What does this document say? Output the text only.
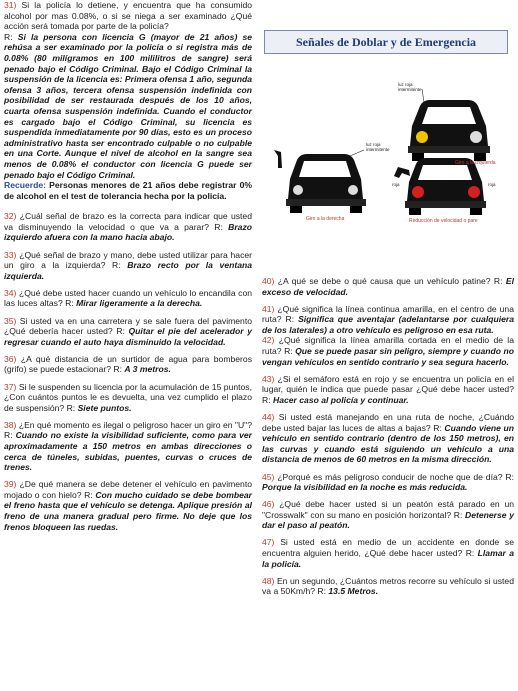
31) Si la policía lo detiene, y encuentra que ha consumido alcohol por mas 0.08%, o si se niega a ser examinado ¿Qué acción será tomada por parte de la policía?
R: Si la persona con licencia G (mayor de 21 años) se rehúsa a ser examinado por la policía o si registra más de 0.08% (80 milígramos en 100 mililitros de sangre) será penado bajo el Código Criminal. Bajo el Código Criminal la suspensión de la licencia es: Primera ofensa 1 año, segunda ofensa 3 años, tercera ofensa suspensión indefinida con posibilidad de ser restaurada después de los 10 años, cuarta ofensa suspensión indefinida. Cuando el conductor es cargado bajo el Código Criminal, su licencia es suspendida inmediatamente por 90 días, esto es un proceso administrativo hasta ser encontrado culpable o no culpable en una Corte. Aunque el nivel de alcohol en la sangre sea menos de 0.08% el conductor con licencia G puede ser penado bajo el Código Criminal.
Recuerde: Personas menores de 21 años debe registrar 0% de alcohol en el test de tolerancia hecha por la policía.

32) ¿Cuál señal de brazo es la correcta para indicar que usted va disminuyendo la velocidad o que va a parar? R: Brazo izquierdo afuera con la mano hacia abajo.

33) ¿Qué señal de brazo y mano, debe usted utilizar para hacer un giro a la izquierda? R: Brazo recto por la ventana izquierda.

34) ¿Qué debe usted hacer cuando un vehículo lo encandila con las luces altas? R: Mirar ligeramente a la derecha.

35) Si usted va en una carretera y se sale fuera del pavimento ¿Qué debería hacer usted? R: Quitar el pie del acelerador y regresar cuando el auto haya disminuido la velocidad.

36) ¿A qué distancia de un surtidor de agua para bomberos (grifo) se puede estacionar? R: A 3 metros.

37) Si le suspenden su licencia por la acumulación de 15 puntos, ¿Con cuántos puntos le es devuelta, una vez cumplido el plazo de suspensión? R: Siete puntos.

38) ¿En qué momento es ilegal o peligroso hacer un giro en "U"? R: Cuando no existe la visibilidad suficiente, como para ver aproximadamente a 150 metros en ambas direcciones o cerca de túneles, subidas, puentes, curvas o cruces de trenes.

39) ¿De qué manera se debe detener el vehículo en pavimento mojado o con hielo? R: Con mucho cuidado se debe bombear el freno hasta que el vehículo se detenga. Aplique presión al freno de una manera gradual pero firme. No deje que los frenos bloqueen las ruedas.

Señales de Doblar y de Emergencia
luz roja intermitente
Giro a la izquierda
luz roja intermitente
Giro a la derecha
roja	roja
Reducción de velocidad o pare

40) ¿A qué se debe o qué causa que un vehículo patine? R: El exceso de velocidad.

41) ¿Qué significa la línea continua amarilla, en el centro de una ruta? R: Significa que aventajar (adelantarse por cualquiera de los laterales) a otro vehículo es peligroso en esa ruta.

42) ¿Qué significa la línea amarilla cortada en el medio de la ruta? R: Que se puede pasar sin peligro, siempre y cuando no vengan vehículos en sentido contrario y sea segura hacerlo.

43) ¿Si el semáforo está en rojo y se encuentra un policía en el lugar, quién le indica que puede pasar ¿Qué debe hacer usted? R: Hacer caso al policía y continuar.

44) Si usted está manejando en una ruta de noche, ¿Cuándo debe usted bajar las luces de altas a bajas? R: Cuando viene un vehículo en sentido contrario (dentro de los 150 metros), en las curvas y cuando está siguiendo un vehículo a una distancia de menos de 60 metros en la misma dirección.

45) ¿Porqué es más peligroso conducir de noche que de día? R: Porque la visibilidad en la noche es más reducida.

46) ¿Qué debe hacer usted si un peatón está parado en un "Crosswalk" con su mano en posición horizontal? R: Detenerse y dar el paso al peatón.

47) Si usted está en medio de un accidente en donde se encuentra alguien herido, ¿Qué debe hacer usted? R: Llamar a la policía.

48) En un segundo, ¿Cuántos metros recorre su vehículo si usted va a 50Km/h? R: 13.5 Metros.
